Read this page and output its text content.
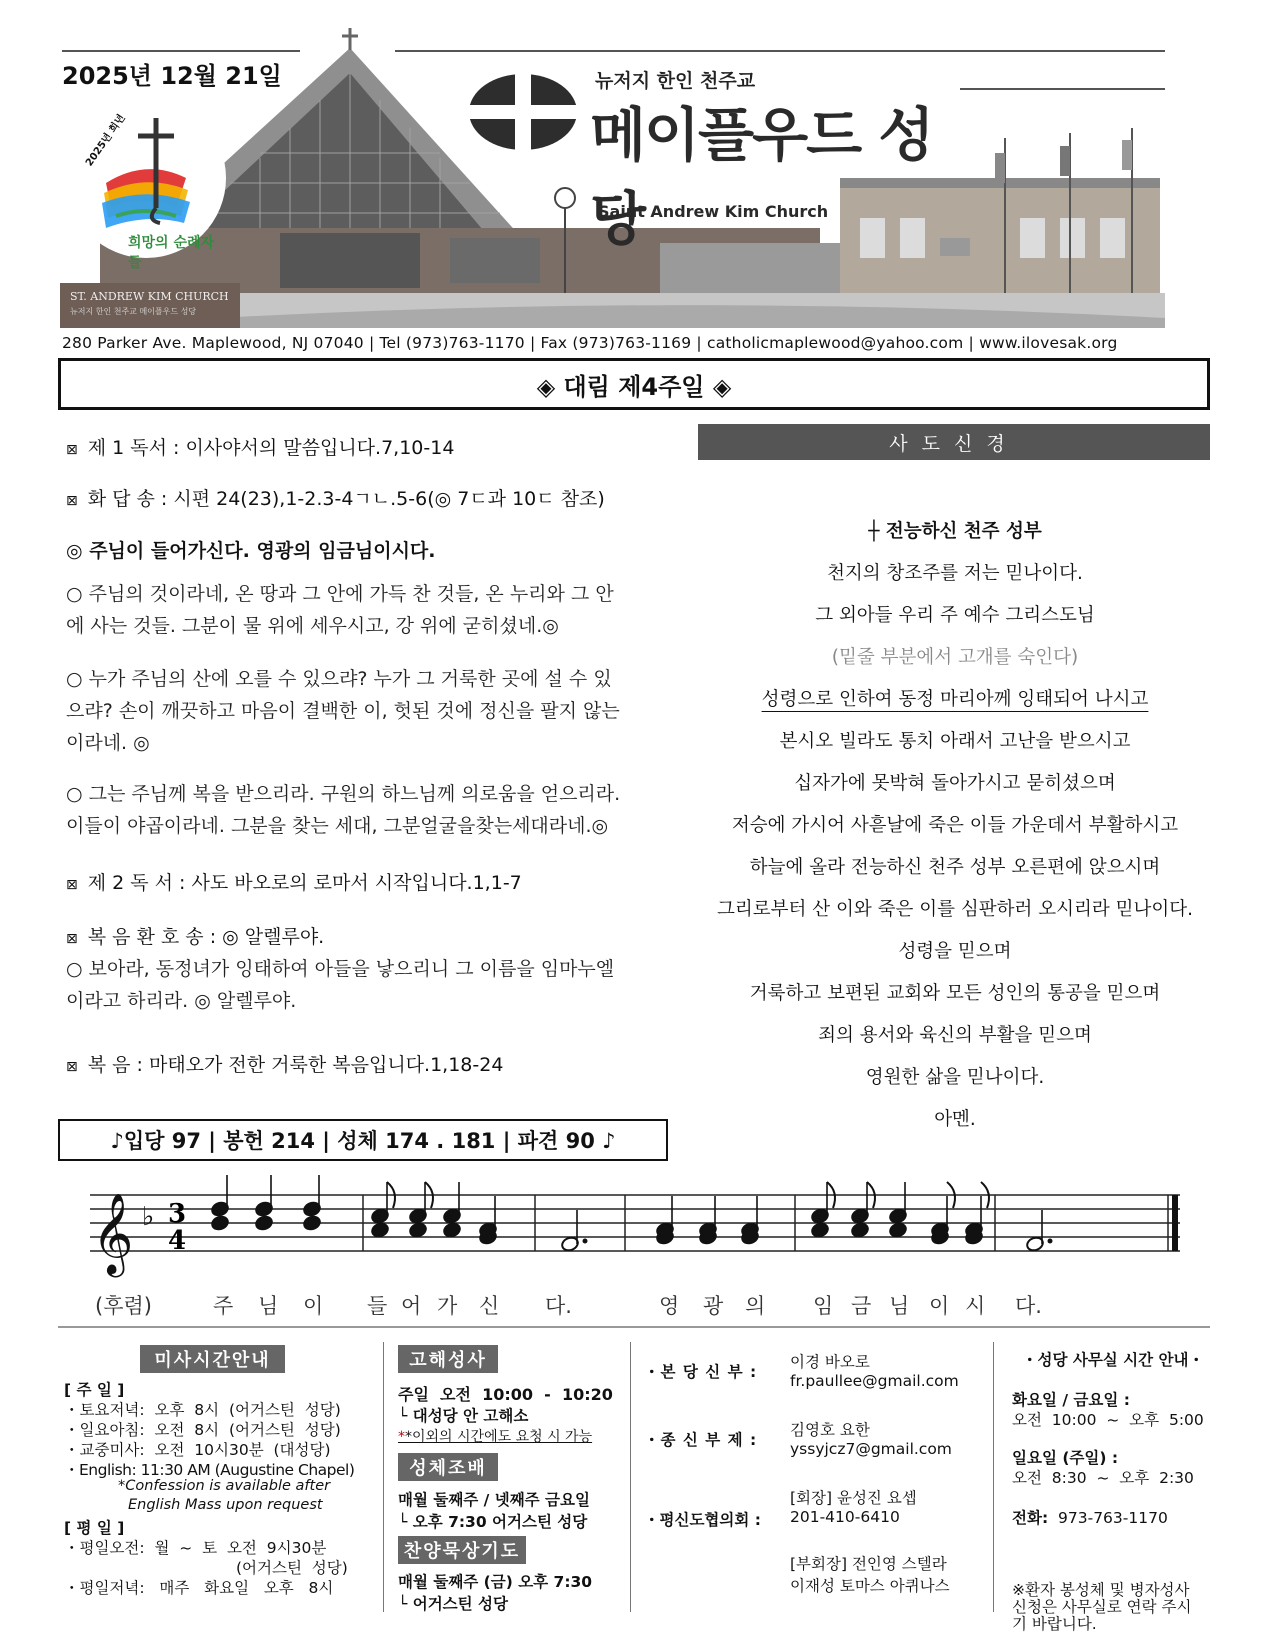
ST. ANDREW KIM CHURCH
뉴저지 한인 천주교 메이플우드 성당
2025년 희년
희망의 순례자들
2025년 12월 21일	뉴저지 한인 천주교
메이플우드 성당
Saint Andrew Kim Church
280 Parker Ave. Maplewood, NJ 07040 | Tel (973)763-1170 | Fax (973)763-1169 | catholicmaplewood@yahoo.com | www.ilovesak.org
◈ 대림 제4주일 ◈
⊠ 제 1 독서 : 이사야서의 말씀입니다.7,10-14
⊠ 화 답 송 : 시편 24(23),1-2.3-4ㄱㄴ.5-6(◎ 7ㄷ과 10ㄷ 참조)
◎ 주님이 들어가신다. 영광의 임금님이시다.
○ 주님의 것이라네, 온 땅과 그 안에 가득 찬 것들, 온 누리와 그 안
에 사는 것들. 그분이 물 위에 세우시고, 강 위에 굳히셨네.◎
○ 누가 주님의 산에 오를 수 있으랴? 누가 그 거룩한 곳에 설 수 있
으랴? 손이 깨끗하고 마음이 결백한 이, 헛된 것에 정신을 팔지 않는
이라네. ◎
○ 그는 주님께 복을 받으리라. 구원의 하느님께 의로움을 얻으리라.
이들이 야곱이라네. 그분을 찾는 세대, 그분얼굴을찾는세대라네.◎
⊠ 제 2 독 서 : 사도 바오로의 로마서 시작입니다.1,1-7
⊠ 복 음 환 호 송 : ◎ 알렐루야.
○ 보아라, 동정녀가 잉태하여 아들을 낳으리니 그 이름을 임마누엘
이라고 하리라. ◎ 알렐루야.
⊠ 복 음 : 마태오가 전한 거룩한 복음입니다.1,18-24
사도신경
┼ 전능하신 천주 성부
천지의 창조주를 저는 믿나이다.
그 외아들 우리 주 예수 그리스도님
(밑줄 부분에서 고개를 숙인다)
성령으로 인하여 동정 마리아께 잉태되어 나시고
본시오 빌라도 통치 아래서 고난을 받으시고
십자가에 못박혀 돌아가시고 묻히셨으며
저승에 가시어 사흗날에 죽은 이들 가운데서 부활하시고
하늘에 올라 전능하신 천주 성부 오른편에 앉으시며
그리로부터 산 이와 죽은 이를 심판하러 오시리라 믿나이다.
성령을 믿으며
거룩하고 보편된 교회와 모든 성인의 통공을 믿으며
죄의 용서와 육신의 부활을 믿으며
영원한 삶을 믿나이다.
아멘.
♪입당 97 | 봉헌 214 | 성체 174 . 181 | 파견 90 ♪
𝄞 ♭ 3
4
(후렴)	주 님 이 들 어 가 신 다.	영 광 의 임 금 님 이 시 다.
미사시간안내
[ 주 일 ]
・토요저녁:  오후  8시  (어거스틴  성당)
・일요아침:  오전  8시  (어거스틴  성당)
・교중미사:  오전  10시30분  (대성당)
・English: 11:30 AM (Augustine Chapel)
*Confession is available after
English Mass upon request
[ 평 일 ]
・평일오전:  월  ~  토  오전  9시30분
(어거스틴  성당)
・평일저녁:   매주   화요일   오후   8시
고해성사
주일  오전  10:00  -  10:20
└ 대성당 안 고해소
**이외의 시간에도 요청 시 가능
성체조배
매월 둘째주 / 넷째주 금요일
└ 오후 7:30 어거스틴 성당
찬양묵상기도
매월 둘째주 (금) 오후 7:30
└ 어거스틴 성당
・본 당 신 부 :
이경 바오로
fr.paullee@gmail.com
・종 신 부 제 :
김영호 요한
yssyjcz7@gmail.com
・평신도협의회 :
[회장] 윤성진 요셉
201-410-6410
[부회장] 전인영 스텔라
이재성 토마스 아퀴나스
・성당 사무실 시간 안내・
화요일 / 금요일 :
오전  10:00  ~  오후  5:00
일요일 (주일) :
오전  8:30  ~  오후  2:30
전화: 973-763-1170

※환자 봉성체 및 병자성사
신청은 사무실로 연락 주시
기 바랍니다.
